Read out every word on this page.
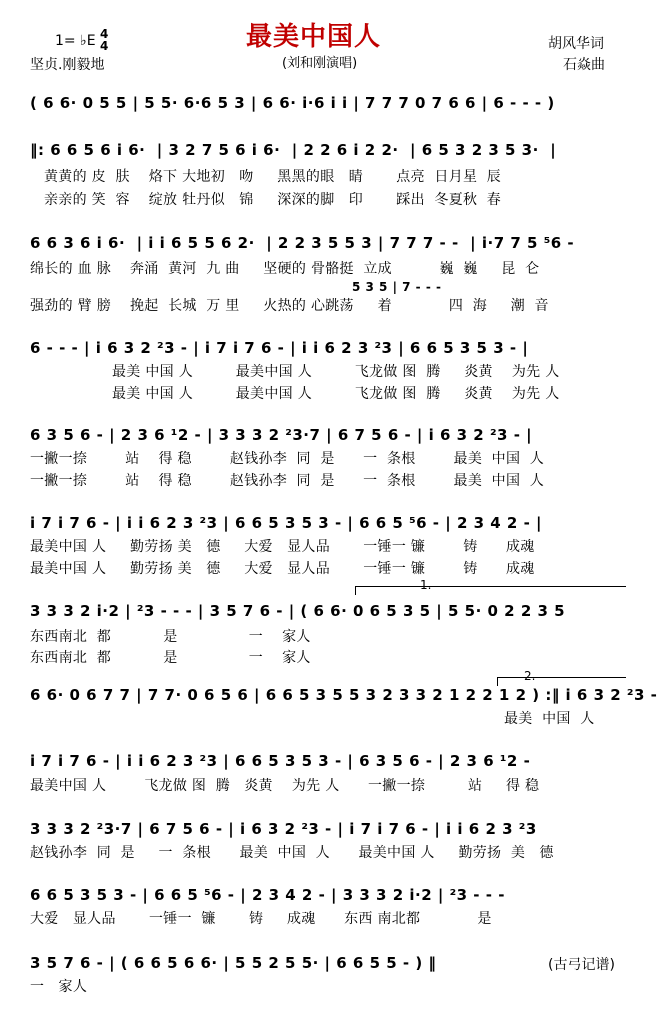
1= ♭E 4
4	最美中国人
(刘和刚演唱)
胡风华词
石焱曲
坚贞.刚毅地
( 6 6· 0 5 5 | 5 5· 6·6 5 3 | 6 6· i·6 i i | 7 7 7 0 7 6 6 | 6 - - - )
‖: 6 6 5 6 i 6·  | 3 2 7 5 6 i 6·  | 2 2 6 i 2 2·  | 6 5 3 2 3 5 3·  |
黄黄的 皮  肤    烙下 大地初   吻     黑黑的眼   睛       点亮  日月星  辰
亲亲的 笑  容    绽放 牡丹似   锦     深深的脚   印       踩出  冬夏秋  春
6 6 3 6 i 6·  | i i 6 5 5 6 2·  | 2 2 3 5 5 3 | 7 7 7 - -  | i·7 7 5 ⁵6 -
绵长的 血 脉    奔涌  黄河  九 曲     坚硬的 骨骼挺  立成          巍  巍     昆  仑
5 3 5 | 7 - - -
强劲的 臂 膀    挽起  长城  万 里     火热的 心跳荡     着            四  海     潮  音
6 - - - | i 6 3 2 ²3 - | i 7 i 7 6 - | i i 6 2 3 ²3 | 6 6 5 3 5 3 - |
最美 中国 人         最美中国 人         飞龙做 图  腾     炎黄    为先 人
最美 中国 人         最美中国 人         飞龙做 图  腾     炎黄    为先 人
6 3 5 6 - | 2 3 6 ¹2 - | 3 3 3 2 ²3·7 | 6 7 5 6 - | i 6 3 2 ²3 - |
一撇一捺        站    得 稳        赵钱孙李  同  是      一  条根        最美  中国  人
一撇一捺        站    得 稳        赵钱孙李  同  是      一  条根        最美  中国  人
i 7 i 7 6 - | i i 6 2 3 ²3 | 6 6 5 3 5 3 - | 6 6 5 ⁵6 - | 2 3 4 2 - |
最美中国 人     勤劳扬 美   德     大爱   显人品       一锤一 镰        铸      成魂
最美中国 人     勤劳扬 美   德     大爱   显人品       一锤一 镰        铸      成魂
1.
3 3 3 2 i·2 | ²3 - - - | 3 5 7 6 - | ( 6 6· 0 6 5 3 5 | 5 5· 0 2 2 3 5
东西南北  都           是               一    家人
东西南北  都           是               一    家人
2.
6 6· 0 6 7 7 | 7 7· 0 6 5 6 | 6 6 5 3 5 5 3 2 3 3 2 1 2 2 1 2 ) :‖ i 6 3 2 ²3 -
最美  中国  人
i 7 i 7 6 - | i i 6 2 3 ²3 | 6 6 5 3 5 3 - | 6 3 5 6 - | 2 3 6 ¹2 -
最美中国 人        飞龙做 图  腾   炎黄    为先 人      一撇一捺         站     得 稳
3 3 3 2 ²3·7 | 6 7 5 6 - | i 6 3 2 ²3 - | i 7 i 7 6 - | i i 6 2 3 ²3
赵钱孙李  同  是     一  条根      最美  中国  人      最美中国 人     勤劳扬  美   德
6 6 5 3 5 3 - | 6 6 5 ⁵6 - | 2 3 4 2 - | 3 3 3 2 i·2 | ²3 - - -
大爱   显人品       一锤一  镰       铸     成魂      东西 南北都            是
3 5 7 6 - | ( 6 6 5 6 6· | 5 5 2 5 5· | 6 6 5 5 - ) ‖
一   家人
(古弓记谱)
